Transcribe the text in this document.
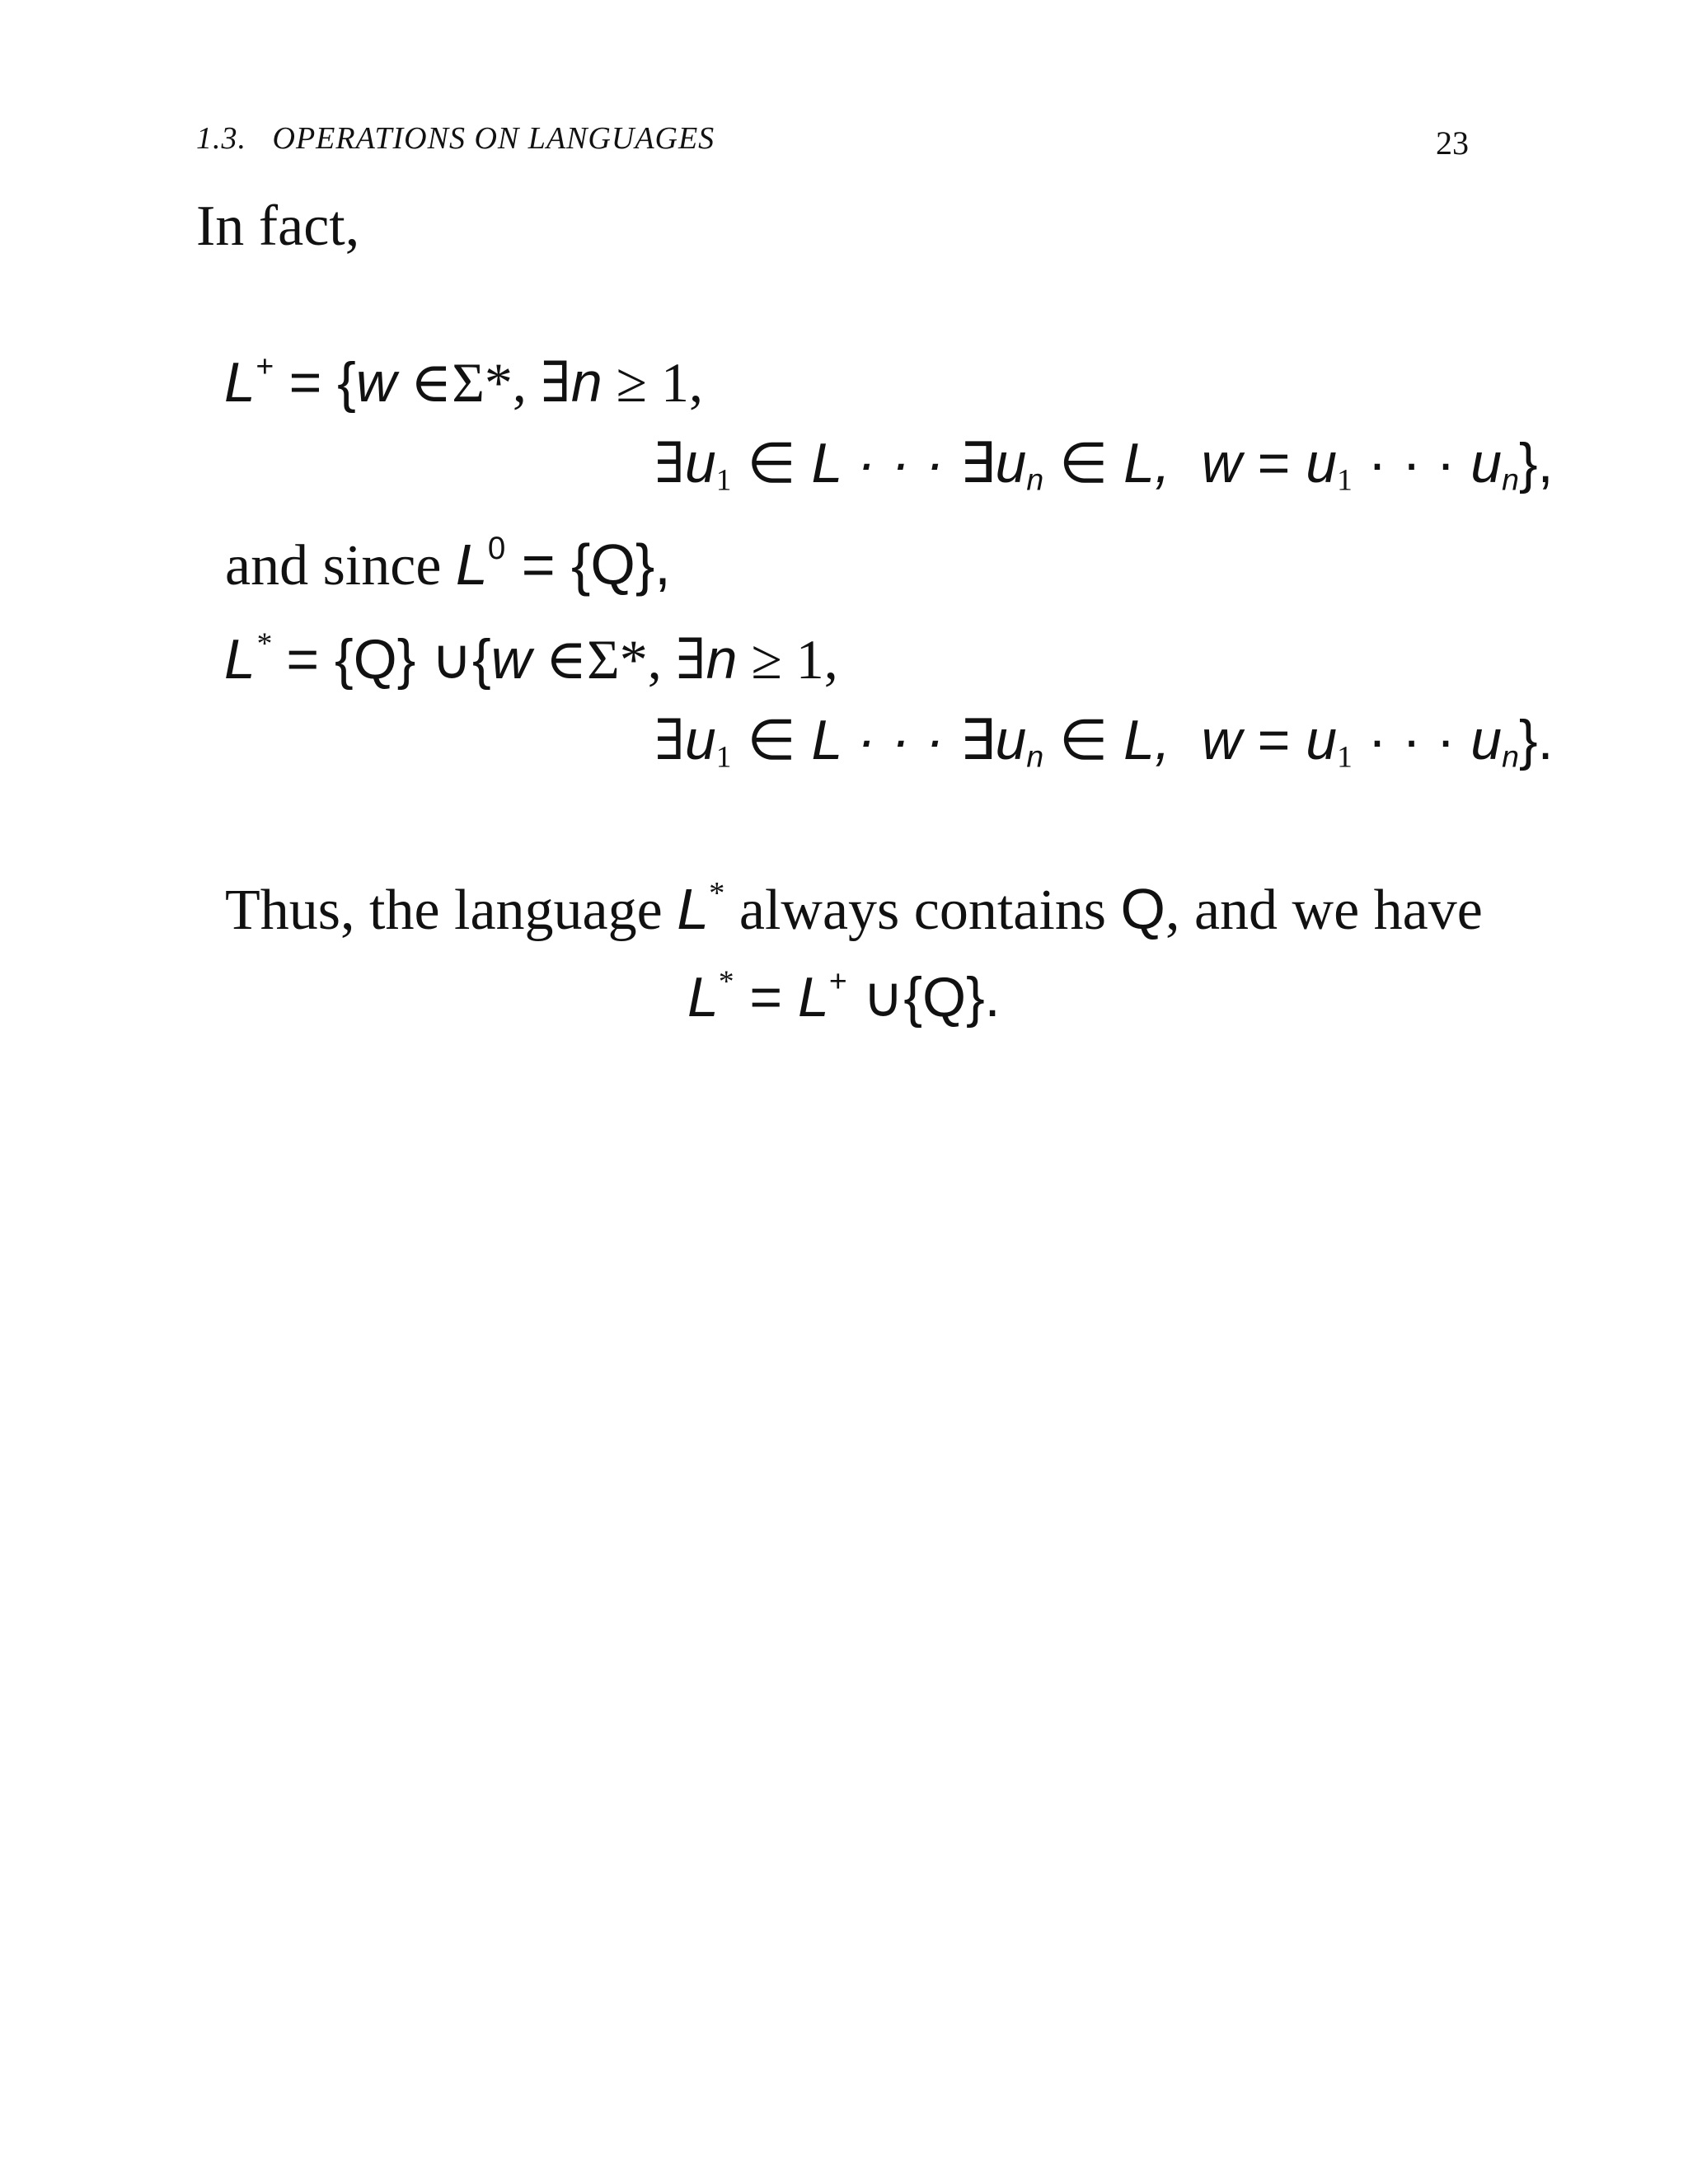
1.3.   OPERATIONS ON LANGUAGES	23
In fact,

L+ = {w ∈Σ*, ∃n ≥ 1,

$\exists u_1$ ∈ L · · · $\exists u_n$ ∈ L,  $w = u_1$ · · · $u_n$},

and since $L^0 = \{Q\}$,

L* = {Q} ∪{w ∈Σ*, ∃n ≥ 1,

$\exists u_1$ ∈ L · · · $\exists u_n$ ∈ L,  $w = u_1$ · · · $u_n$}.

Thus, the language L* always contains Q, and we have

L* = L+ ∪{Q}.
